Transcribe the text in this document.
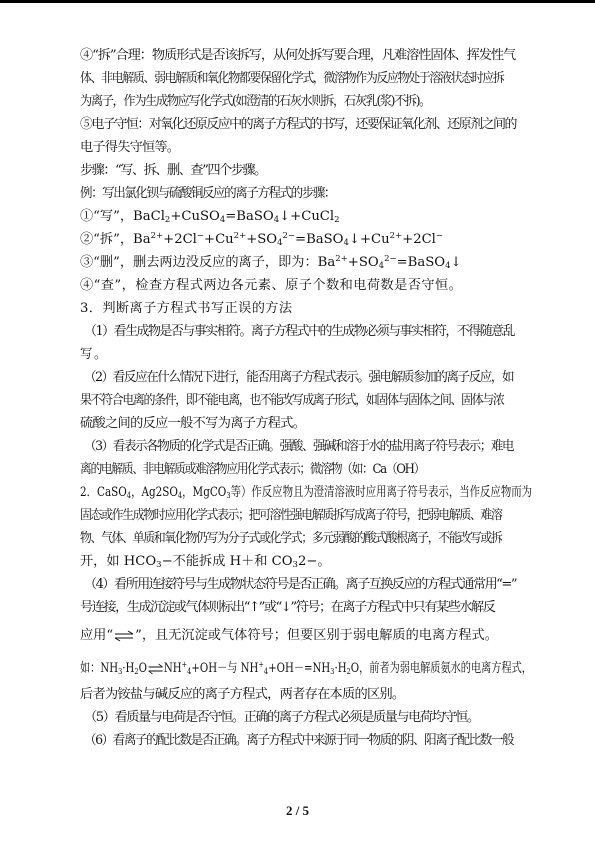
④“拆”合理：物质形式是否该拆写，从何处拆写要合理，凡难溶性固体、挥发性气
体、非电解质、弱电解质和氧化物都要保留化学式，微溶物作为反应物处于溶液状态时应拆
为离子，作为生成物应写化学式(如澄清的石灰水则拆，石灰乳(浆)不拆)。
⑤电子守恒：对氧化还原反应中的离子方程式的书写，还要保证氧化剂、还原剂之间的
电子得失守恒等。
步骤：“写、拆、删、查”四个步骤。
例：写出氯化钡与硫酸铜反应的离子方程式的步骤：
①“写”，BaCl$_2$+CuSO$_4$=BaSO$_4$↓+CuCl$_2$
②“拆”，$Ba^{2+}+2Cl^-+Cu^{2+}+SO_4^{2-}=BaSO_4↓+Cu^{2+}+2Cl^-$
③“删”，删去两边没反应的离子，即为：$Ba^{2+}+SO_4^{2-}=BaSO_4↓$
④“查”，检查方程式两边各元素、原子个数和电荷数是否守恒。
3．判断离子方程式书写正误的方法
（1）看生成物是否与事实相符。离子方程式中的生成物必须与事实相符，不得随意乱
写。
（2）看反应在什么情况下进行，能否用离子方程式表示。强电解质参加的离子反应，如
果不符合电离的条件，即不能电离，也不能改写成离子形式，如固体与固体之间、固体与浓
硫酸之间的反应一般不写为离子方程式。
（3）看表示各物质的化学式是否正确。强酸、强碱和溶于水的盐用离子符号表示；难电
离的电解质、非电解质或难溶物应用化学式表示；微溶物（如：Ca（OH）
2．CaSO$_4$，$Ag2SO_4$，MgCO$_3$等）作反应物且为澄清溶液时应用离子符号表示，当作反应物而为
固态或作生成物时应用化学式表示；把可溶性强电解质拆写成离子符号，把弱电解质、难溶
物、气体、单质和氧化物仍写为分子式或化学式；多元弱酸的酸式酸根离子，不能改写或拆
开，如 $HCO_3-$不能拆成 H＋和 $CO_32-$。
（4）看所用连接符号与生成物状态符号是否正确。离子互换反应的方程式通常用“=”
号连接，生成沉淀或气体则标出“↑”或“↓”符号；在离子方程式中只有某些水解反
应用“⇌”，且无沉淀或气体符号；但要区别于弱电解质的电离方程式。
如：$NH_3\cdot H_2O\rightleftharpoons NH^+_4+OH-$与 $NH^+_4+OH-=NH_3\cdot H_2O$，前者为弱电解质氨水的电离方程式，
后者为铵盐与碱反应的离子方程式，两者存在本质的区别。
（5）看质量与电荷是否守恒。正确的离子方程式必须是质量与电荷均守恒。
（6）看离子的配比数是否正确。离子方程式中来源于同一物质的阴、阳离子配比数一般
2 / 5
